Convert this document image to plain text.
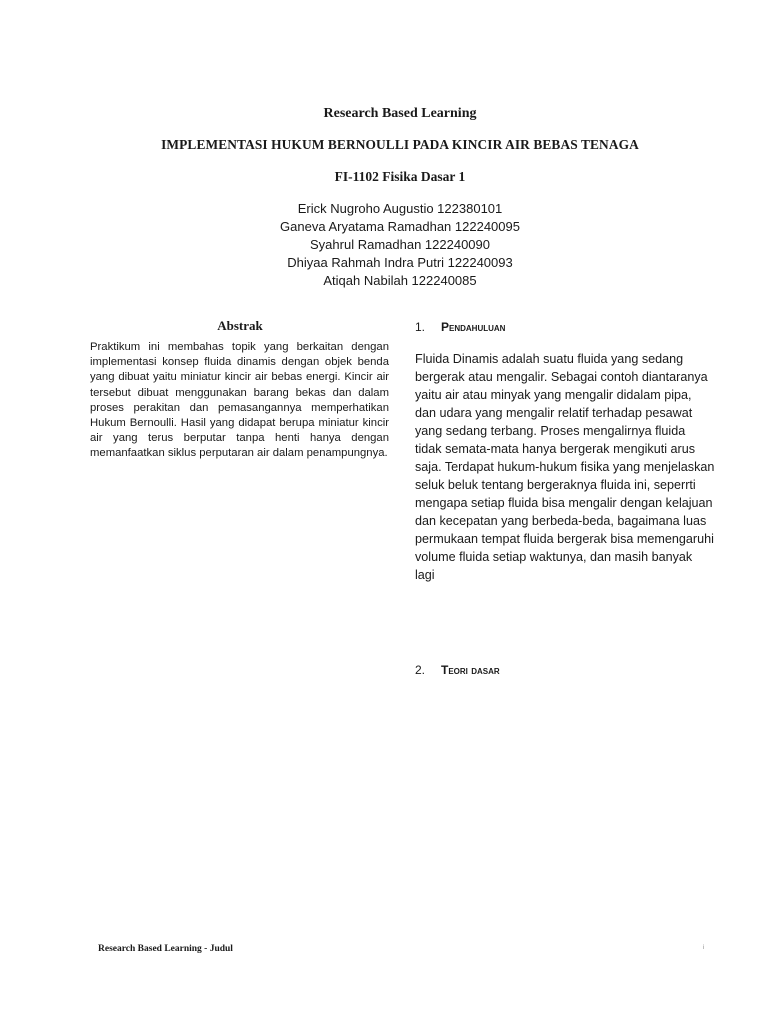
Research Based Learning
IMPLEMENTASI HUKUM BERNOULLI PADA KINCIR AIR BEBAS TENAGA
FI-1102 Fisika Dasar 1
Erick Nugroho Augustio 122380101
Ganeva Aryatama Ramadhan 122240095
Syahrul Ramadhan 122240090
Dhiyaa Rahmah Indra Putri 122240093
Atiqah Nabilah 122240085
Abstrak

Praktikum ini membahas topik yang berkaitan dengan implementasi konsep fluida dinamis dengan objek benda yang dibuat yaitu miniatur kincir air bebas energi. Kincir air tersebut dibuat menggunakan barang bekas dan dalam proses perakitan dan pemasangannya memperhatikan Hukum Bernoulli. Hasil yang didapat berupa miniatur kincir air yang terus berputar tanpa henti hanya dengan memanfaatkan siklus perputaran air dalam penampungnya.

1. Pendahuluan

Fluida Dinamis adalah suatu fluida yang sedang bergerak atau mengalir. Sebagai contoh diantaranya yaitu air atau minyak yang mengalir didalam pipa, dan udara yang mengalir relatif terhadap pesawat yang sedang terbang. Proses mengalirnya fluida tidak semata-mata hanya bergerak mengikuti arus saja. Terdapat hukum-hukum fisika yang menjelaskan seluk beluk tentang bergeraknya fluida ini, seperrti mengapa setiap fluida bisa mengalir dengan kelajuan dan kecepatan yang berbeda-beda, bagaimana luas permukaan tempat fluida bergerak bisa memengaruhi volume fluida setiap waktunya, dan masih banyak lagi

2. Teori dasar
Research Based Learning - Judul	i
